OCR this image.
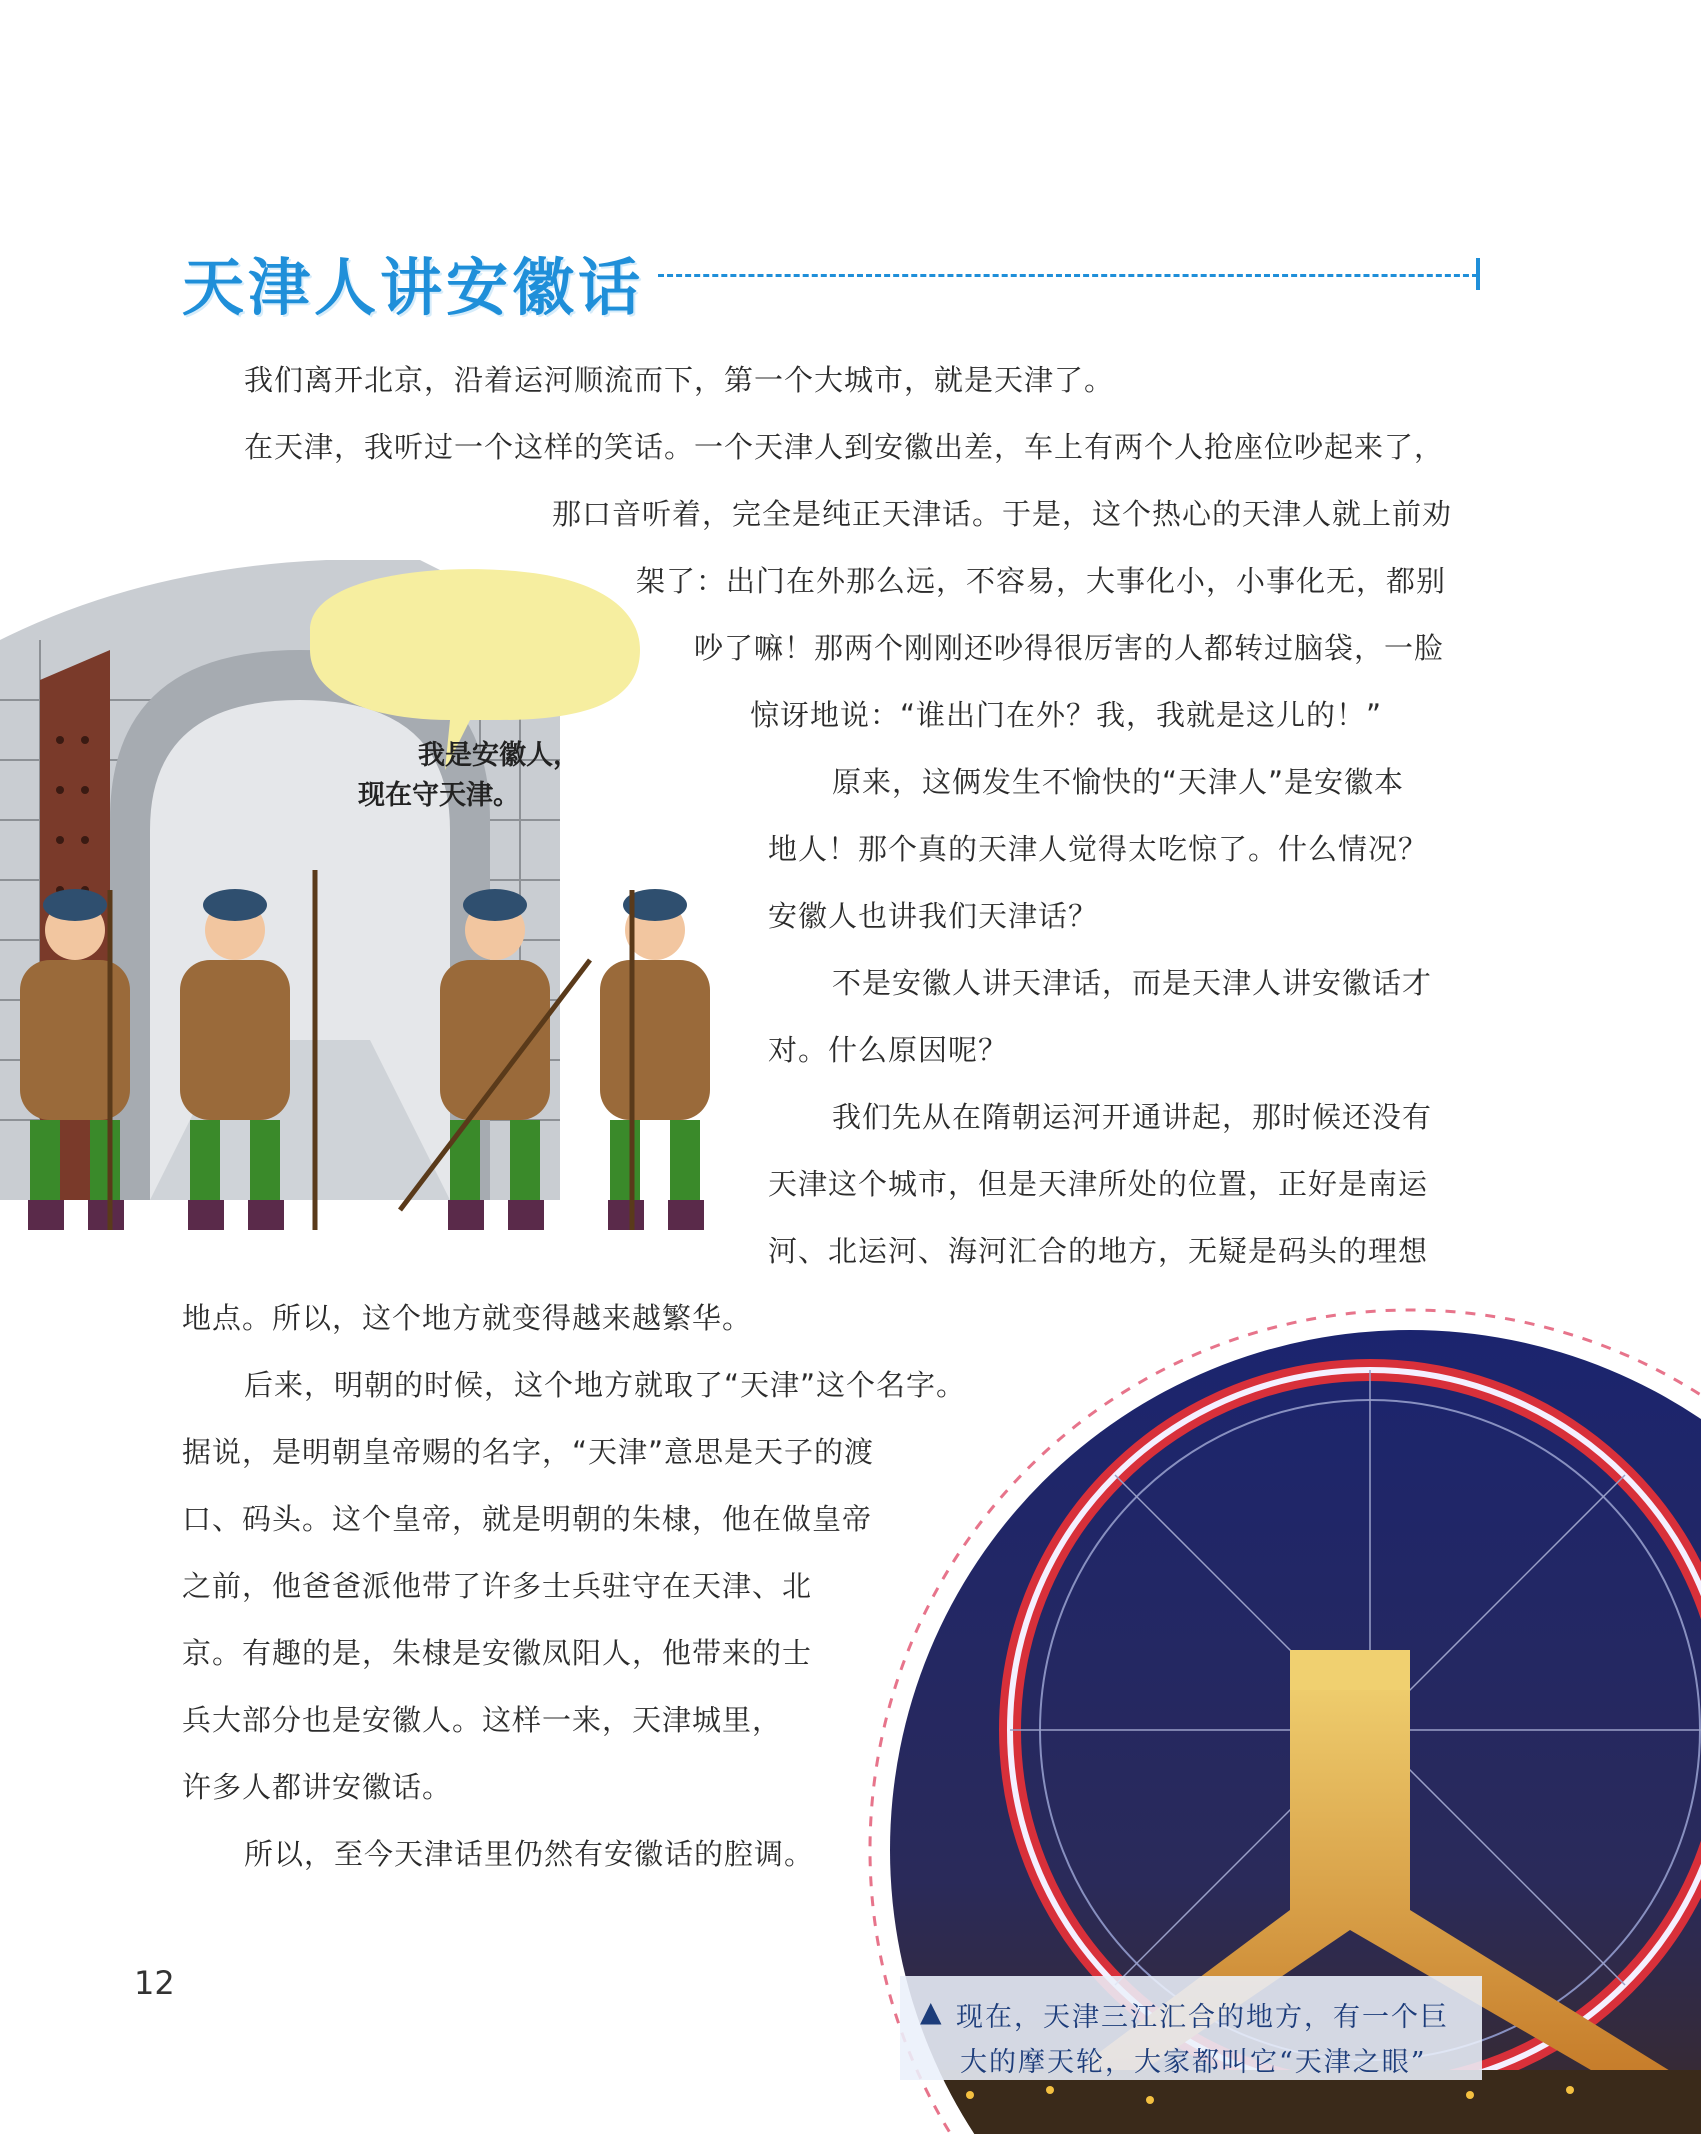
天津人讲安徽话
我是安徽人，
现在守天津。
我们离开北京，沿着运河顺流而下，第一个大城市，就是天津了。
在天津，我听过一个这样的笑话。一个天津人到安徽出差，车上有两个人抢座位吵起来了，
那口音听着，完全是纯正天津话。于是，这个热心的天津人就上前劝
架了：出门在外那么远，不容易，大事化小，小事化无，都别
吵了嘛！那两个刚刚还吵得很厉害的人都转过脑袋，一脸
惊讶地说：“谁出门在外？我，我就是这儿的！”
原来，这俩发生不愉快的“天津人”是安徽本
地人！那个真的天津人觉得太吃惊了。什么情况？
安徽人也讲我们天津话？
不是安徽人讲天津话，而是天津人讲安徽话才
对。什么原因呢？
我们先从在隋朝运河开通讲起，那时候还没有
天津这个城市，但是天津所处的位置，正好是南运
河、北运河、海河汇合的地方，无疑是码头的理想
地点。所以，这个地方就变得越来越繁华。
后来，明朝的时候，这个地方就取了“天津”这个名字。
据说，是明朝皇帝赐的名字，“天津”意思是天子的渡
口、码头。这个皇帝，就是明朝的朱棣，他在做皇帝
之前，他爸爸派他带了许多士兵驻守在天津、北
京。有趣的是，朱棣是安徽凤阳人，他带来的士
兵大部分也是安徽人。这样一来，天津城里，
许多人都讲安徽话。
所以，至今天津话里仍然有安徽话的腔调。
▲ 现在，天津三江汇合的地方，有一个巨
大的摩天轮，大家都叫它“天津之眼”
12
